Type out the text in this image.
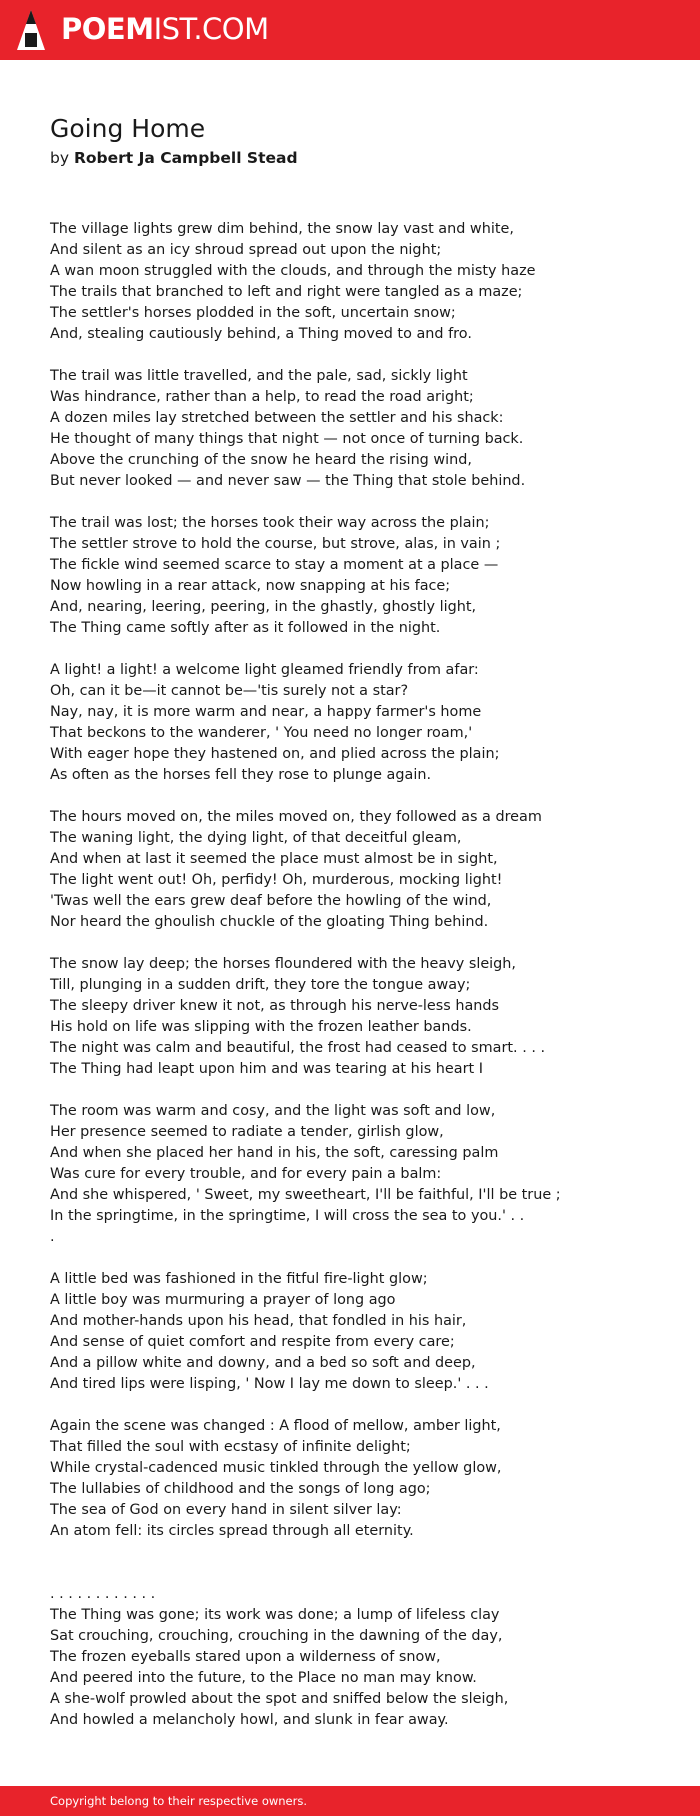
POEMIST.COM
Going Home
by Robert Ja Campbell Stead
The village lights grew dim behind, the snow lay vast and white,
And silent as an icy shroud spread out upon the night;
A wan moon struggled with the clouds, and through the misty haze
The trails that branched to left and right were tangled as a maze;
The settler's horses plodded in the soft, uncertain snow;
And, stealing cautiously behind, a Thing moved to and fro.
The trail was little travelled, and the pale, sad, sickly light
Was hindrance, rather than a help, to read the road aright;
A dozen miles lay stretched between the settler and his shack:
He thought of many things that night — not once of turning back.
Above the crunching of the snow he heard the rising wind,
But never looked — and never saw — the Thing that stole behind.
The trail was lost; the horses took their way across the plain;
The settler strove to hold the course, but strove, alas, in vain ;
The fickle wind seemed scarce to stay a moment at a place —
Now howling in a rear attack, now snapping at his face;
And, nearing, leering, peering, in the ghastly, ghostly light,
The Thing came softly after as it followed in the night.
A light! a light! a welcome light gleamed friendly from afar:
Oh, can it be—it cannot be—'tis surely not a star?
Nay, nay, it is more warm and near, a happy farmer's home
That beckons to the wanderer, ' You need no longer roam,'
With eager hope they hastened on, and plied across the plain;
As often as the horses fell they rose to plunge again.
The hours moved on, the miles moved on, they followed as a dream
The waning light, the dying light, of that deceitful gleam,
And when at last it seemed the place must almost be in sight,
The light went out! Oh, perfidy! Oh, murderous, mocking light!
'Twas well the ears grew deaf before the howling of the wind,
Nor heard the ghoulish chuckle of the gloating Thing behind.
The snow lay deep; the horses floundered with the heavy sleigh,
Till, plunging in a sudden drift, they tore the tongue away;
The sleepy driver knew it not, as through his nerve-less hands
His hold on life was slipping with the frozen leather bands.
The night was calm and beautiful, the frost had ceased to smart. . . .
The Thing had leapt upon him and was tearing at his heart I
The room was warm and cosy, and the light was soft and low,
Her presence seemed to radiate a tender, girlish glow,
And when she placed her hand in his, the soft, caressing palm
Was cure for every trouble, and for every pain a balm:
And she whispered, ' Sweet, my sweetheart, I'll be faithful, I'll be true ;
In the springtime, in the springtime, I will cross the sea to you.' . .
.
A little bed was fashioned in the fitful fire-light glow;
A little boy was murmuring a prayer of long ago
And mother-hands upon his head, that fondled in his hair,
And sense of quiet comfort and respite from every care;
And a pillow white and downy, and a bed so soft and deep,
And tired lips were lisping, ' Now I lay me down to sleep.' . . .
Again the scene was changed : A flood of mellow, amber light,
That filled the soul with ecstasy of infinite delight;
While crystal-cadenced music tinkled through the yellow glow,
The lullabies of childhood and the songs of long ago;
The sea of God on every hand in silent silver lay:
An atom fell: its circles spread through all eternity.
. . . . . . . . . . . .
The Thing was gone; its work was done; a lump of lifeless clay
Sat crouching, crouching, crouching in the dawning of the day,
The frozen eyeballs stared upon a wilderness of snow,
And peered into the future, to the Place no man may know.
A she-wolf prowled about the spot and sniffed below the sleigh,
And howled a melancholy howl, and slunk in fear away.
Copyright belong to their respective owners.
